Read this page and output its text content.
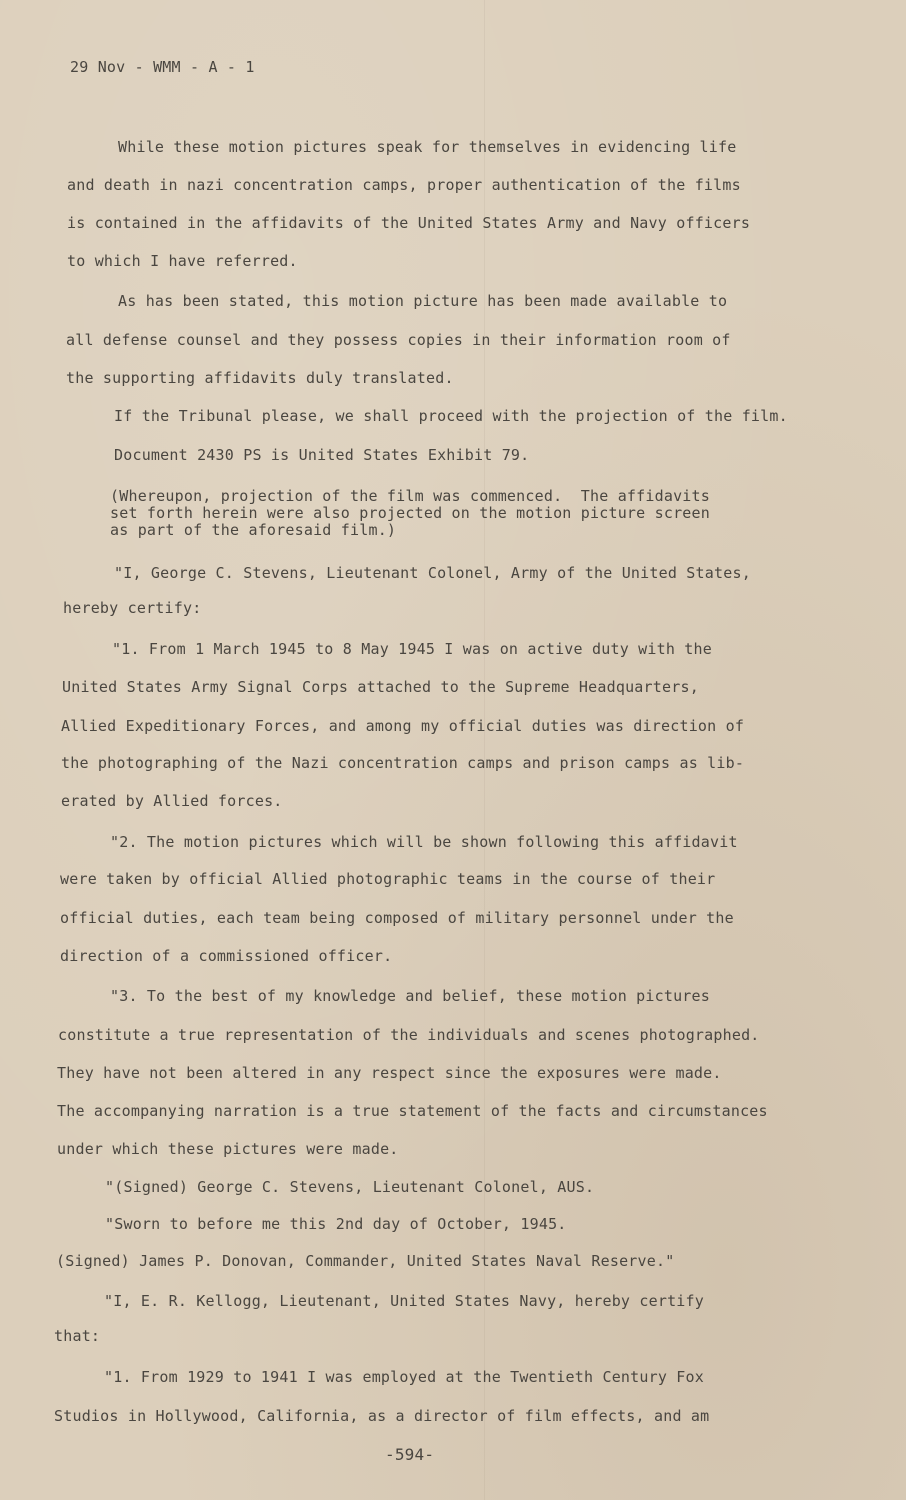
29 Nov - WMM - A - 1
While these motion pictures speak for themselves in evidencing life
and death in nazi concentration camps, proper authentication of the films
is contained in the affidavits of the United States Army and Navy officers
to which I have referred.
As has been stated, this motion picture has been made available to
all defense counsel and they possess copies in their information room of
the supporting affidavits duly translated.
If the Tribunal please, we shall proceed with the projection of the film.
Document 2430 PS is United States Exhibit 79.
(Whereupon, projection of the film was commenced.  The affidavits
set forth herein were also projected on the motion picture screen
as part of the aforesaid film.)
"I, George C. Stevens, Lieutenant Colonel, Army of the United States,
hereby certify:
"1. From 1 March 1945 to 8 May 1945 I was on active duty with the
United States Army Signal Corps attached to the Supreme Headquarters,
Allied Expeditionary Forces, and among my official duties was direction of
the photographing of the Nazi concentration camps and prison camps as lib-
erated by Allied forces.
"2. The motion pictures which will be shown following this affidavit
were taken by official Allied photographic teams in the course of their
official duties, each team being composed of military personnel under the
direction of a commissioned officer.
"3. To the best of my knowledge and belief, these motion pictures
constitute a true representation of the individuals and scenes photographed.
They have not been altered in any respect since the exposures were made.
The accompanying narration is a true statement of the facts and circumstances
under which these pictures were made.
"(Signed) George C. Stevens, Lieutenant Colonel, AUS.
"Sworn to before me this 2nd day of October, 1945.
(Signed) James P. Donovan, Commander, United States Naval Reserve."
"I, E. R. Kellogg, Lieutenant, United States Navy, hereby certify
that:
"1. From 1929 to 1941 I was employed at the Twentieth Century Fox
Studios in Hollywood, California, as a director of film effects, and am
-594-
